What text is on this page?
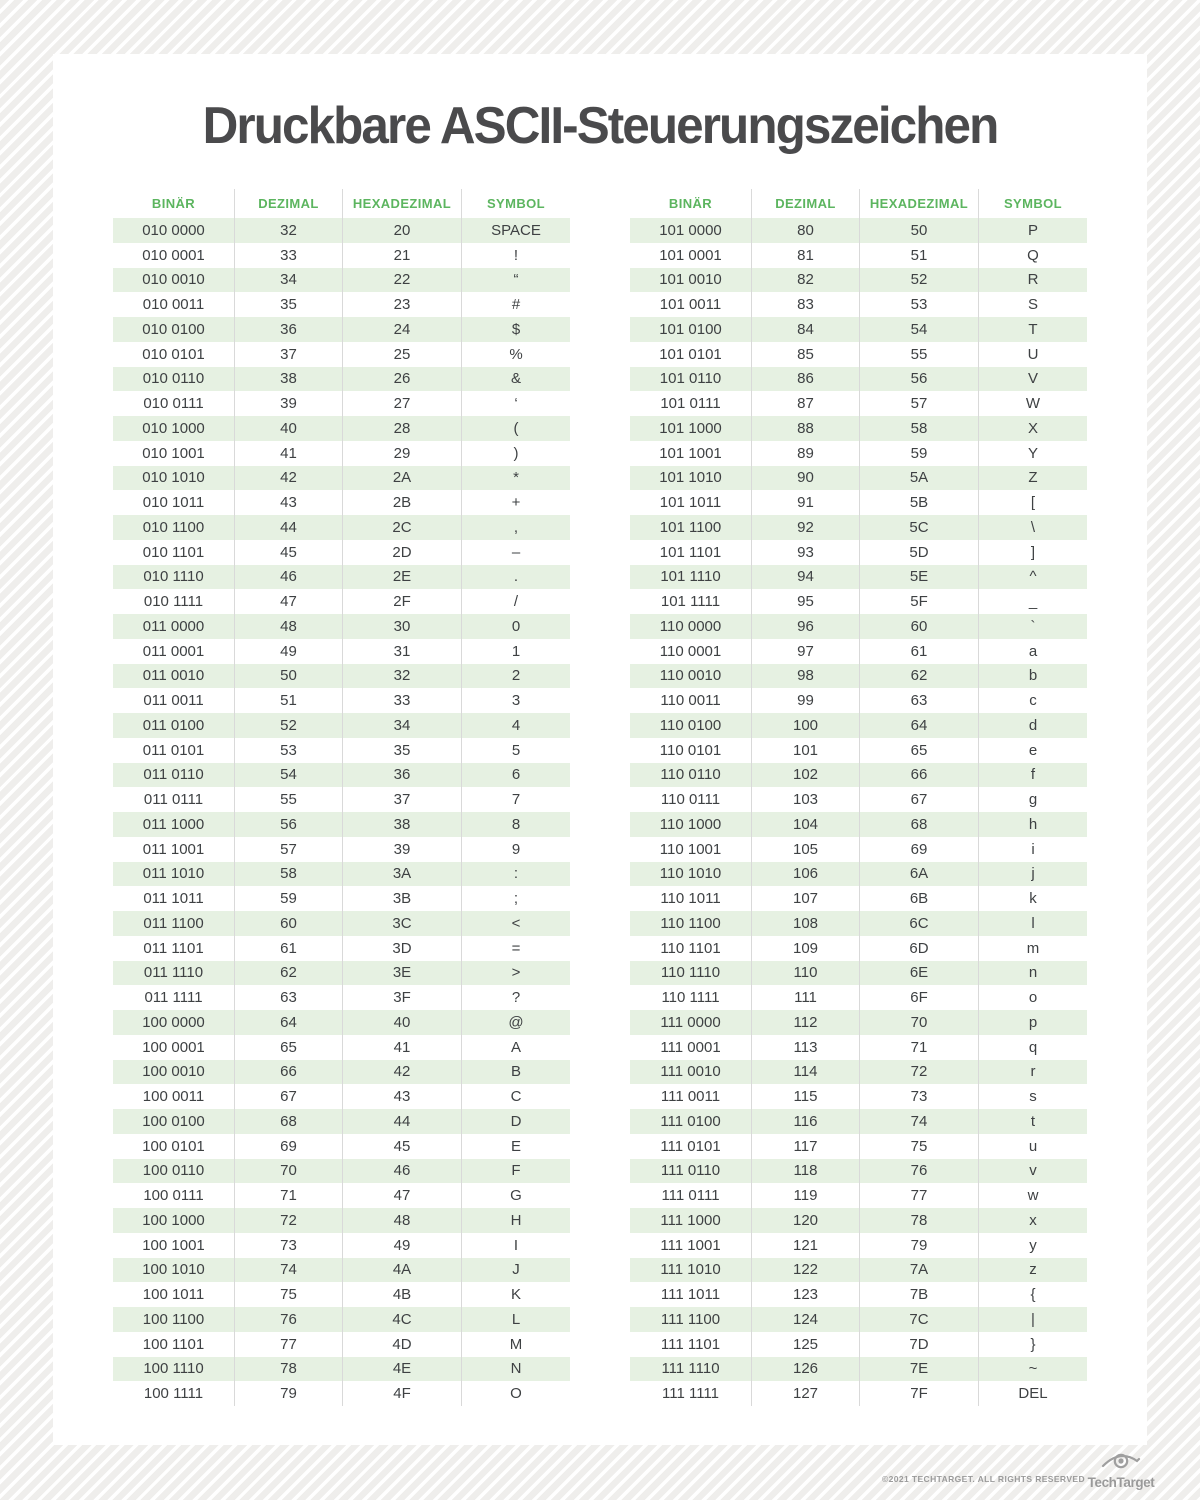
Druckbare ASCII-Steuerungszeichen
BINÄR	DEZIMAL	HEXADEZIMAL	SYMBOL
010 0000	32	20	SPACE
010 0001	33	21	!
010 0010	34	22	“
010 0011	35	23	#
010 0100	36	24	$
010 0101	37	25	%
010 0110	38	26	&
010 0111	39	27	‘
010 1000	40	28	(
010 1001	41	29	)
010 1010	42	2A	*
010 1011	43	2B	+
010 1100	44	2C	,
010 1101	45	2D	–
010 1110	46	2E	.
010 1111	47	2F	/
011 0000	48	30	0
011 0001	49	31	1
011 0010	50	32	2
011 0011	51	33	3
011 0100	52	34	4
011 0101	53	35	5
011 0110	54	36	6
011 0111	55	37	7
011 1000	56	38	8
011 1001	57	39	9
011 1010	58	3A	:
011 1011	59	3B	;
011 1100	60	3C	<
011 1101	61	3D	=
011 1110	62	3E	>
011 1111	63	3F	?
100 0000	64	40	@
100 0001	65	41	A
100 0010	66	42	B
100 0011	67	43	C
100 0100	68	44	D
100 0101	69	45	E
100 0110	70	46	F
100 0111	71	47	G
100 1000	72	48	H
100 1001	73	49	I
100 1010	74	4A	J
100 1011	75	4B	K
100 1100	76	4C	L
100 1101	77	4D	M
100 1110	78	4E	N
100 1111	79	4F	O
BINÄR	DEZIMAL	HEXADEZIMAL	SYMBOL
101 0000	80	50	P
101 0001	81	51	Q
101 0010	82	52	R
101 0011	83	53	S
101 0100	84	54	T
101 0101	85	55	U
101 0110	86	56	V
101 0111	87	57	W
101 1000	88	58	X
101 1001	89	59	Y
101 1010	90	5A	Z
101 1011	91	5B	[
101 1100	92	5C	\
101 1101	93	5D	]
101 1110	94	5E	^
101 1111	95	5F	_
110 0000	96	60	`
110 0001	97	61	a
110 0010	98	62	b
110 0011	99	63	c
110 0100	100	64	d
110 0101	101	65	e
110 0110	102	66	f
110 0111	103	67	g
110 1000	104	68	h
110 1001	105	69	i
110 1010	106	6A	j
110 1011	107	6B	k
110 1100	108	6C	l
110 1101	109	6D	m
110 1110	110	6E	n
110 1111	111	6F	o
111 0000	112	70	p
111 0001	113	71	q
111 0010	114	72	r
111 0011	115	73	s
111 0100	116	74	t
111 0101	117	75	u
111 0110	118	76	v
111 0111	119	77	w
111 1000	120	78	x
111 1001	121	79	y
111 1010	122	7A	z
111 1011	123	7B	{
111 1100	124	7C	|
111 1101	125	7D	}
111 1110	126	7E	~
111 1111	127	7F	DEL
©2021 TECHTARGET. ALL RIGHTS RESERVED TechTarget
